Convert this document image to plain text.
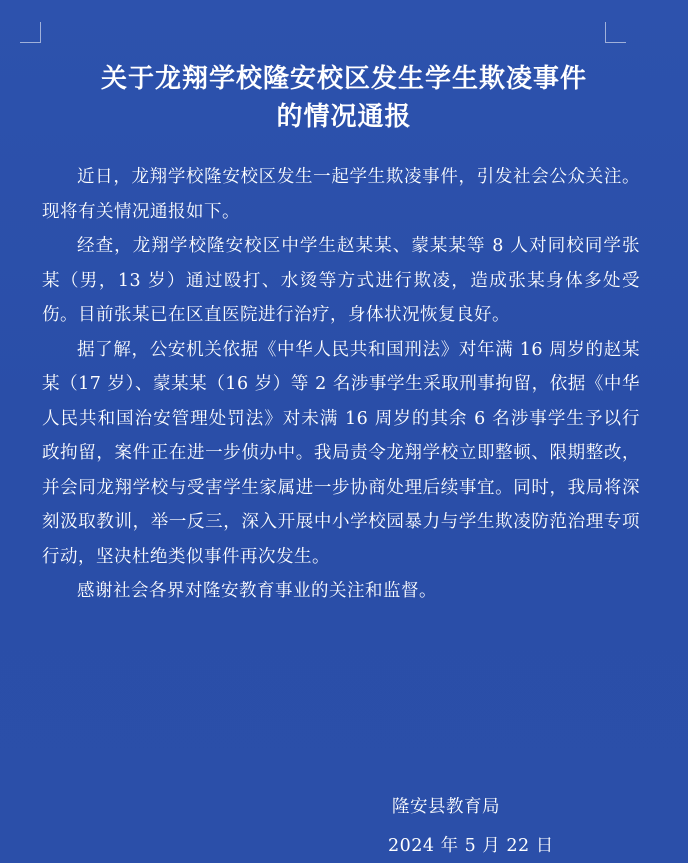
关于龙翔学校隆安校区发生学生欺凌事件
的情况通报

近日，龙翔学校隆安校区发生一起学生欺凌事件，引发社会公众关注。现将有关情况通报如下。

经查，龙翔学校隆安校区中学生赵某某、蒙某某等 8 人对同校同学张某（男，13 岁）通过殴打、水烫等方式进行欺凌，造成张某身体多处受伤。目前张某已在区直医院进行治疗，身体状况恢复良好。

据了解，公安机关依据《中华人民共和国刑法》对年满 16 周岁的赵某某（17 岁）、蒙某某（16 岁）等 2 名涉事学生采取刑事拘留，依据《中华人民共和国治安管理处罚法》对未满 16 周岁的其余 6 名涉事学生予以行政拘留，案件正在进一步侦办中。我局责令龙翔学校立即整顿、限期整改，并会同龙翔学校与受害学生家属进一步协商处理后续事宜。同时，我局将深刻汲取教训，举一反三，深入开展中小学校园暴力与学生欺凌防范治理专项行动，坚决杜绝类似事件再次发生。

感谢社会各界对隆安教育事业的关注和监督。

隆安县教育局
2024 年 5 月 22 日
